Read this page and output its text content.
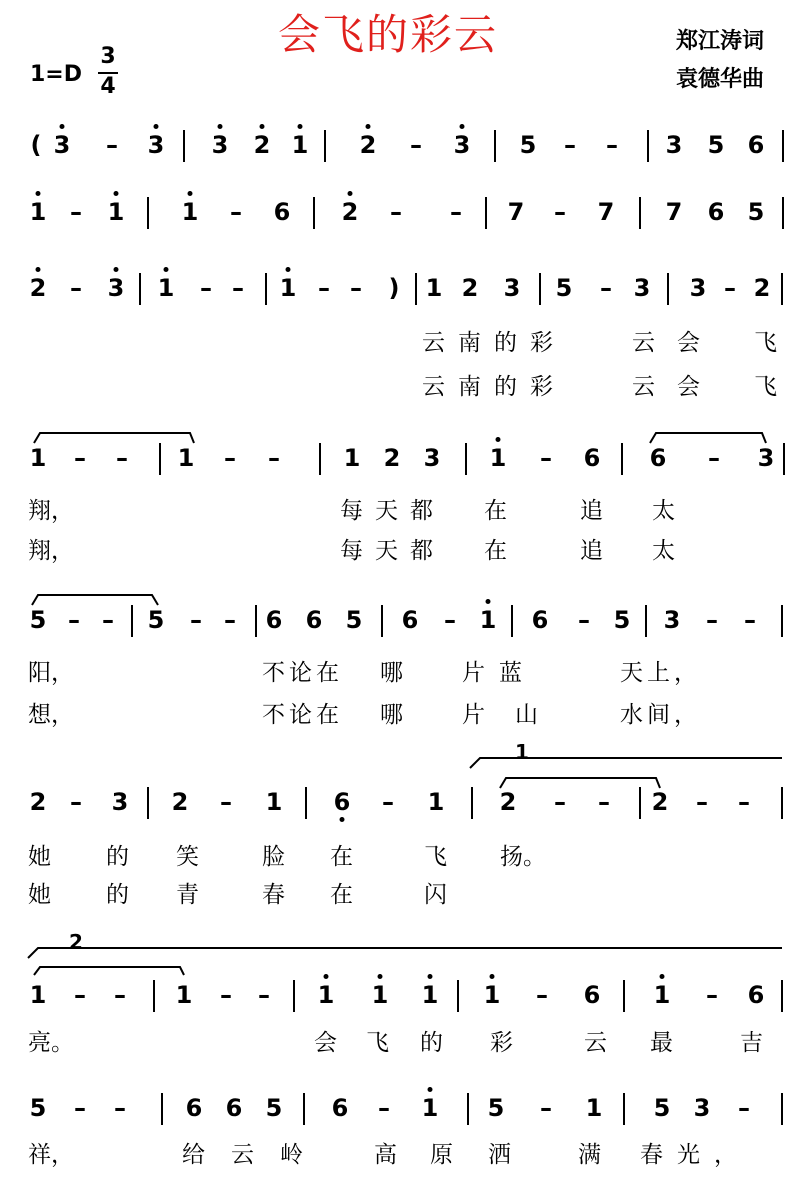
会飞的彩云	郑江涛词
袁德华曲
1=D
3
4
( 3 – 3 3 2 1 2 – 3 5 – – 3 5 6
1 – 1 1 – 6 2 – – 7 – 7 7 6 5
2 – 3 1 – – 1 – – ) 1 2 3 5 – 3 3 – 2
云南的彩	云会 飞
云南的彩	云会 飞
1 – – 1 – –	1 2 3 1 – 6 6 – 3
翔，	每天都 在	追 太
翔，	每天都 在	追 太
5 – – 5 – – 6 6 5 6 – 1 6 – 5 3 – –
阳，	不论在 哪	片蓝	天上，
想，	不论在 哪	片山 水间，
2 – 3 2 – 1 6 – 1 2 – – 2 – –
她 的 笑	脸 在	飞 扬。
她 的 青	春 在	闪
1 – – 1 – – 1 1 1 1 – 6 1 – 6
亮。	会 飞 的 彩	云 最	吉
5 – – 6 6 5 6 – 1 5 – 1 5 3 –
祥，	给云岭 高 原 洒	满 春光，
1
2
